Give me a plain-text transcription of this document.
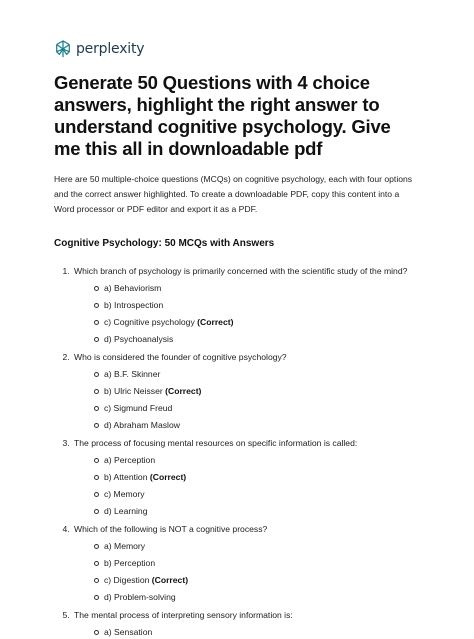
perplexity
Generate 50 Questions with 4 choice answers, highlight the right answer to understand cognitive psychology. Give me this all in downloadable pdf

Here are 50 multiple-choice questions (MCQs) on cognitive psychology, each with four options and the correct answer highlighted. To create a downloadable PDF, copy this content into a Word processor or PDF editor and export it as a PDF.

Cognitive Psychology: 50 MCQs with Answers
1. Which branch of psychology is primarily concerned with the scientific study of the mind?
a) Behaviorism
b) Introspection
c) Cognitive psychology (Correct)
d) Psychoanalysis
2. Who is considered the founder of cognitive psychology?
a) B.F. Skinner
b) Ulric Neisser (Correct)
c) Sigmund Freud
d) Abraham Maslow
3. The process of focusing mental resources on specific information is called:
a) Perception
b) Attention (Correct)
c) Memory
d) Learning
4. Which of the following is NOT a cognitive process?
a) Memory
b) Perception
c) Digestion (Correct)
d) Problem-solving
5. The mental process of interpreting sensory information is:
a) Sensation
